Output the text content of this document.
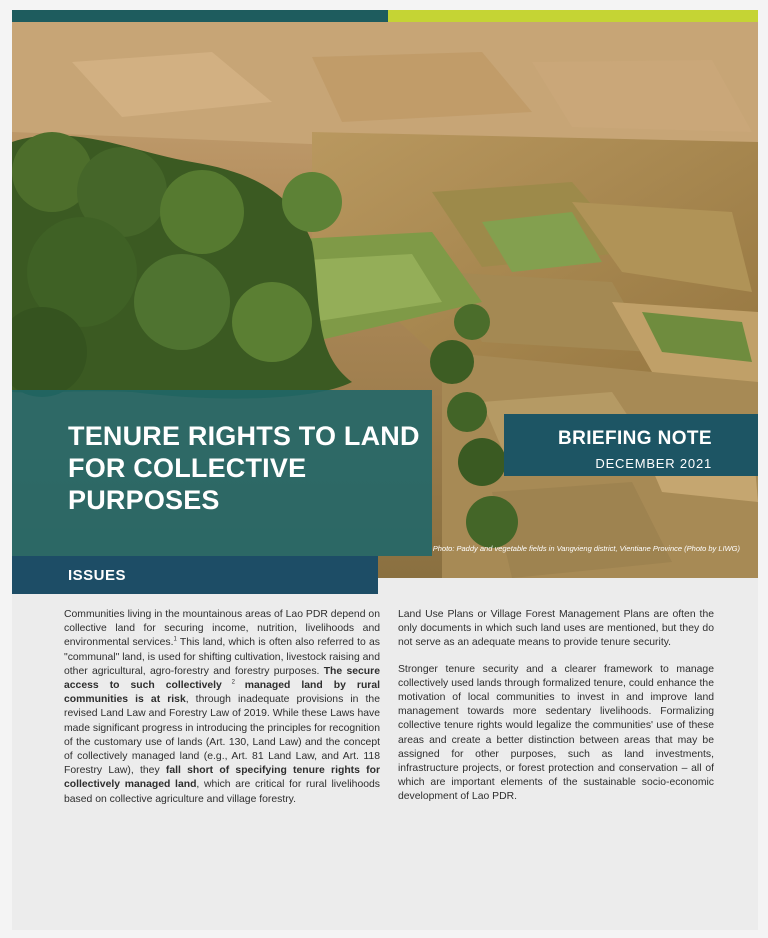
TENURE RIGHTS TO LAND FOR COLLECTIVE PURPOSES
BRIEFING NOTE
DECEMBER 2021
Photo: Paddy and vegetable fields in Vangvieng district, Vientiane Province (Photo by LIWG)
ISSUES

Communities living in the mountainous areas of Lao PDR depend on collective land for securing income, nutrition, livelihoods and environmental services.$^1$ This land, which is often also referred to as "communal" land, is used for shifting cultivation, livestock raising and other agricultural, agro-forestry and forestry purposes. The secure access to such collectively $^2$ managed land by rural communities is at risk, through inadequate provisions in the revised Land Law and Forestry Law of 2019. While these Laws have made significant progress in introducing the principles for recognition of the customary use of lands (Art. 130, Land Law) and the concept of collectively managed land (e.g., Art. 81 Land Law, and Art. 118 Forestry Law), they fall short of specifying tenure rights for collectively managed land, which are critical for rural livelihoods based on collective agriculture and village forestry.

Land Use Plans or Village Forest Management Plans are often the only documents in which such land uses are mentioned, but they do not serve as an adequate means to provide tenure security.

Stronger tenure security and a clearer framework to manage collectively used lands through formalized tenure, could enhance the motivation of local communities to invest in and improve land management towards more sedentary livelihoods. Formalizing collective tenure rights would legalize the communities' use of these areas and create a better distinction between areas that may be assigned for other purposes, such as land investments, infrastructure projects, or forest protection and conservation – all of which are important elements of the sustainable socio-economic development of Lao PDR.
